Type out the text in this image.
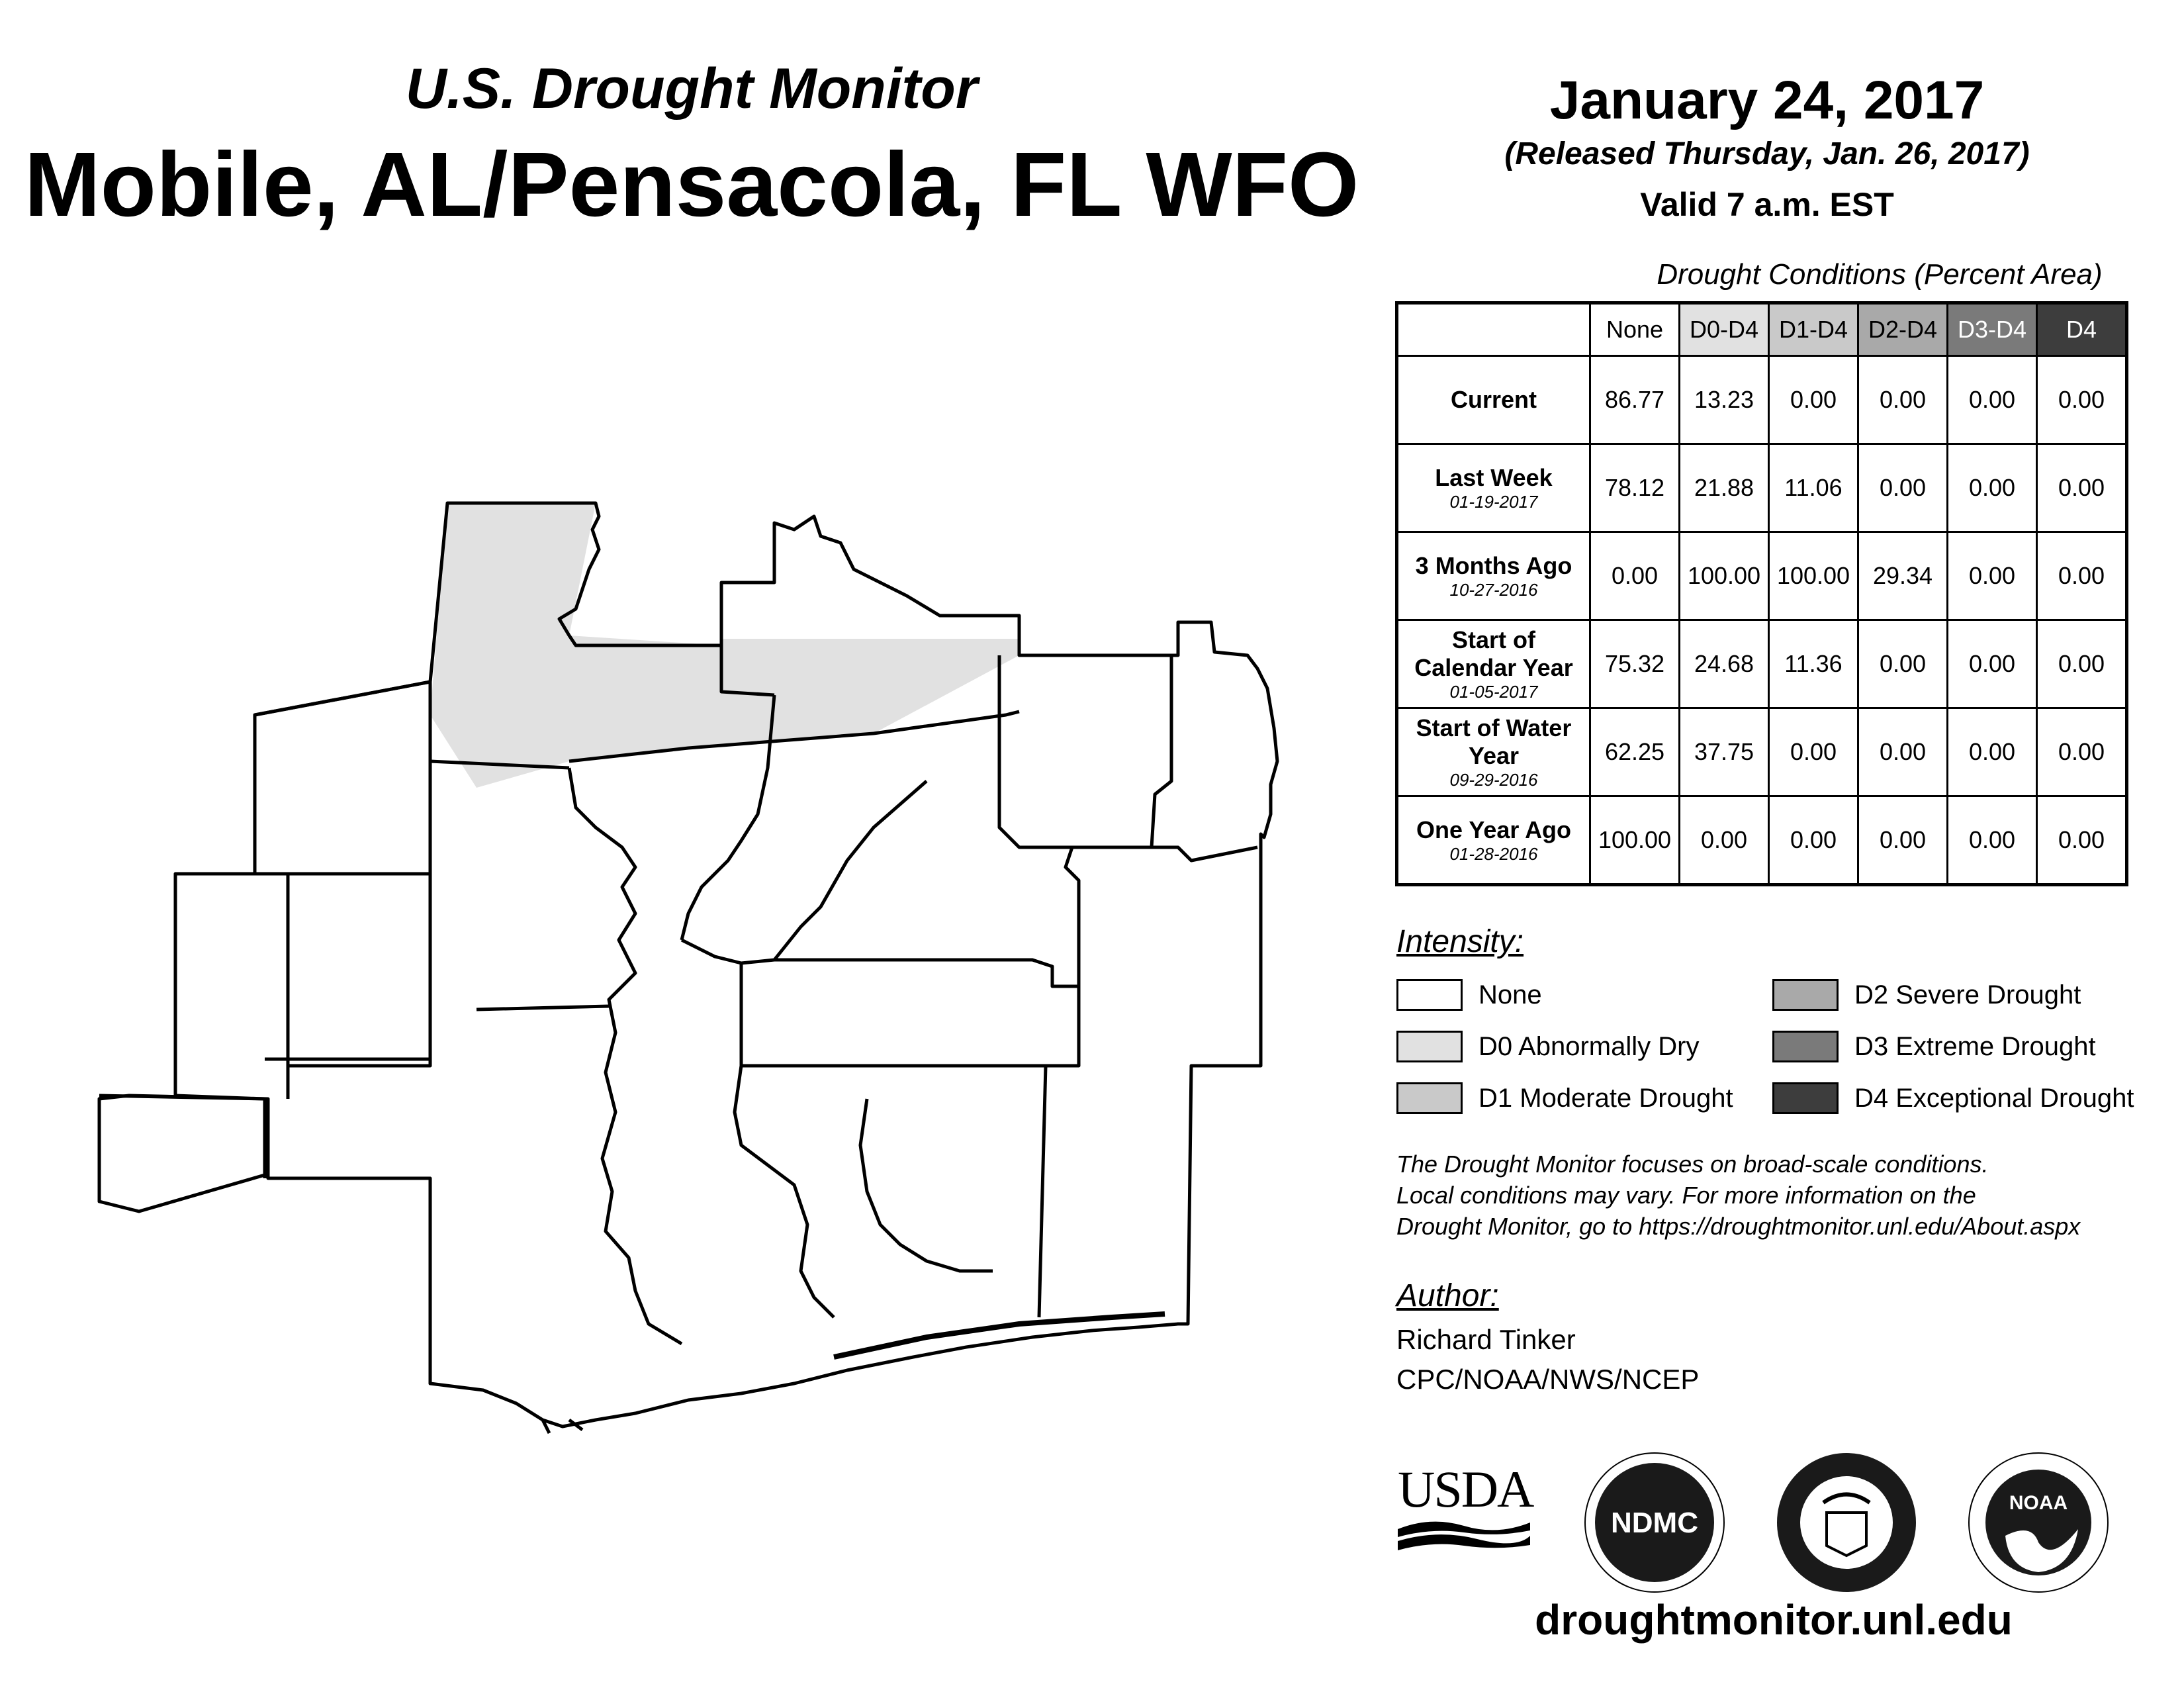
U.S. Drought Monitor
Mobile, AL/Pensacola, FL WFO
January 24, 2017
(Released Thursday, Jan. 26, 2017)
Valid 7 a.m. EST
Drought Conditions (Percent Area)
	None	D0-D4	D1-D4	D2-D4	D3-D4	D4
Current	86.77	13.23	0.00	0.00	0.00	0.00
Last Week
01-19-2017	78.12	21.88	11.06	0.00	0.00	0.00
3 Months Ago
10-27-2016	0.00	100.00	100.00	29.34	0.00	0.00
Start of Calendar Year
01-05-2017	75.32	24.68	11.36	0.00	0.00	0.00
Start of Water Year
09-29-2016	62.25	37.75	0.00	0.00	0.00	0.00
One Year Ago
01-28-2016	100.00	0.00	0.00	0.00	0.00	0.00
Intensity:
None
D0 Abnormally Dry
D1 Moderate Drought
D2 Severe Drought
D3 Extreme Drought
D4 Exceptional Drought
The Drought Monitor focuses on broad-scale conditions.
Local conditions may vary. For more information on the
Drought Monitor, go to https://droughtmonitor.unl.edu/About.aspx
Author:
Richard Tinker
CPC/NOAA/NWS/NCEP
USDA
NDMC
NOAA
droughtmonitor.unl.edu
